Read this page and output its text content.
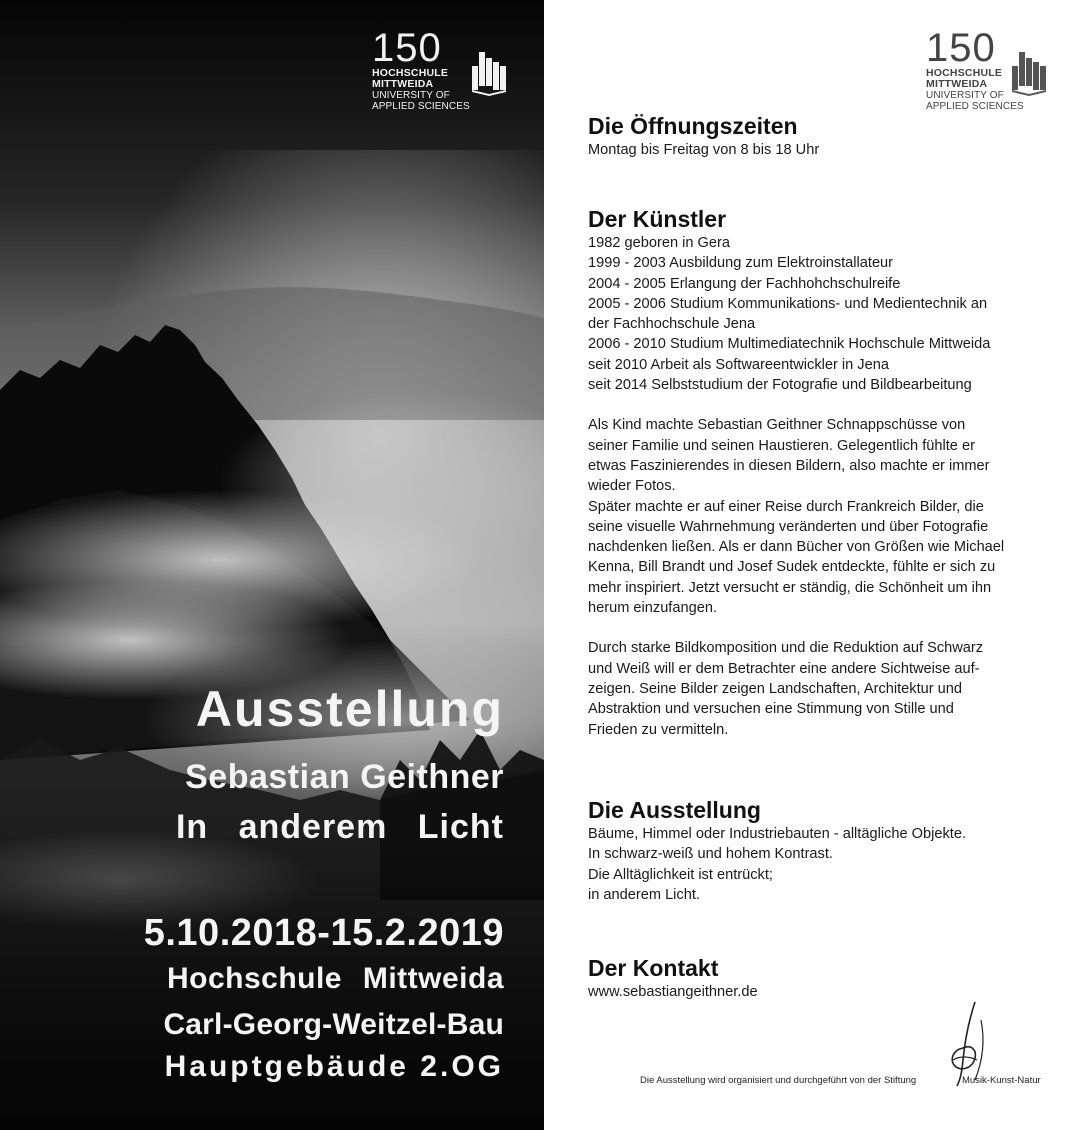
150
HOCHSCHULE
MITTWEIDA
UNIVERSITY OF
APPLIED SCIENCES
Ausstellung
Sebastian Geithner
In anderem Licht
5.10.2018-15.2.2019
Hochschule Mittweida
Carl-Georg-Weitzel-Bau
Hauptgebäude 2.OG
150
HOCHSCHULE
MITTWEIDA
UNIVERSITY OF
APPLIED SCIENCES
Die Öffnungszeiten

Montag bis Freitag von 8 bis 18 Uhr

Der Künstler

1982 geboren in Gera

1999 - 2003 Ausbildung zum Elektroinstallateur

2004 - 2005 Erlangung der Fachhohchschulreife

2005 - 2006 Studium Kommunikations- und Medientechnik an

der Fachhochschule Jena

2006 - 2010 Studium Multimediatechnik Hochschule Mittweida

seit 2010 Arbeit als Softwareentwickler in Jena

seit 2014 Selbststudium der Fotografie und Bildbearbeitung

Als Kind machte Sebastian Geithner Schnappschüsse von

seiner Familie und seinen Haustieren. Gelegentlich fühlte er

etwas Faszinierendes in diesen Bildern, also machte er immer

wieder Fotos.

Später machte er auf einer Reise durch Frankreich Bilder, die

seine visuelle Wahrnehmung veränderten und über Fotografie

nachdenken ließen. Als er dann Bücher von Größen wie Michael

Kenna, Bill Brandt und Josef Sudek entdeckte, fühlte er sich zu

mehr inspiriert. Jetzt versucht er ständig, die Schönheit um ihn

herum einzufangen.

Durch starke Bildkomposition und die Reduktion auf Schwarz

und Weiß will er dem Betrachter eine andere Sichtweise auf-

zeigen. Seine Bilder zeigen Landschaften, Architektur und

Abstraktion und versuchen eine Stimmung von Stille und

Frieden zu vermitteln.

Die Ausstellung

Bäume, Himmel oder Industriebauten - alltägliche Objekte.

In schwarz-weiß und hohem Kontrast.

Die Alltäglichkeit ist entrückt;

in anderem Licht.

Der Kontakt

www.sebastiangeithner.de

Die Ausstellung wird organisiert und durchgeführt von der Stiftung	Musik-Kunst-Natur
